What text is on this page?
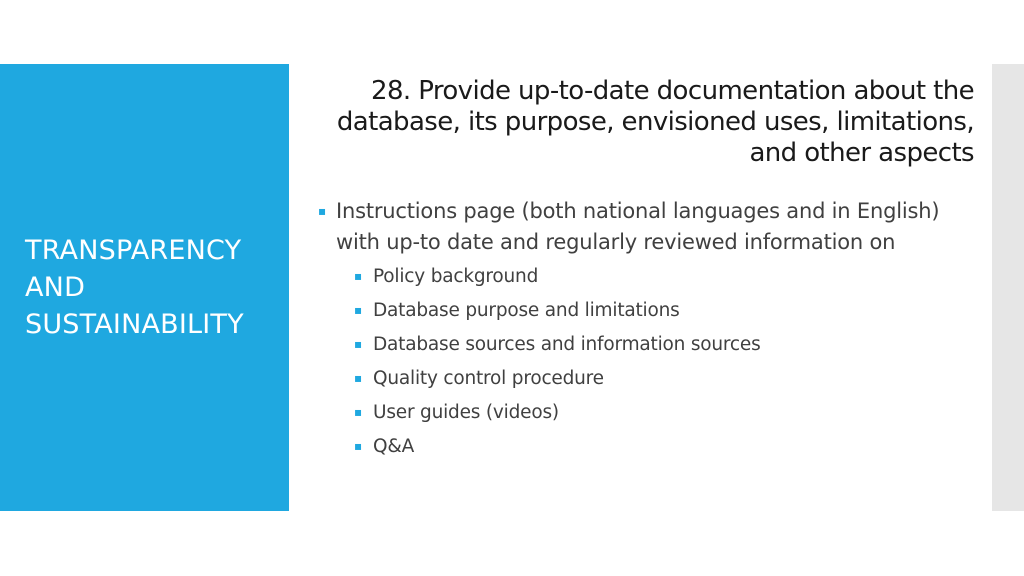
TRANSPARENCY
AND
SUSTAINABILITY
28. Provide up-to-date documentation about the database, its purpose, envisioned uses, limitations, and other aspects
▪ Instructions page (both national languages and in English) with up-to date and regularly reviewed information on
▪ Policy background
▪ Database purpose and limitations
▪ Database sources and information sources
▪ Quality control procedure
▪ User guides (videos)
▪ Q&A
